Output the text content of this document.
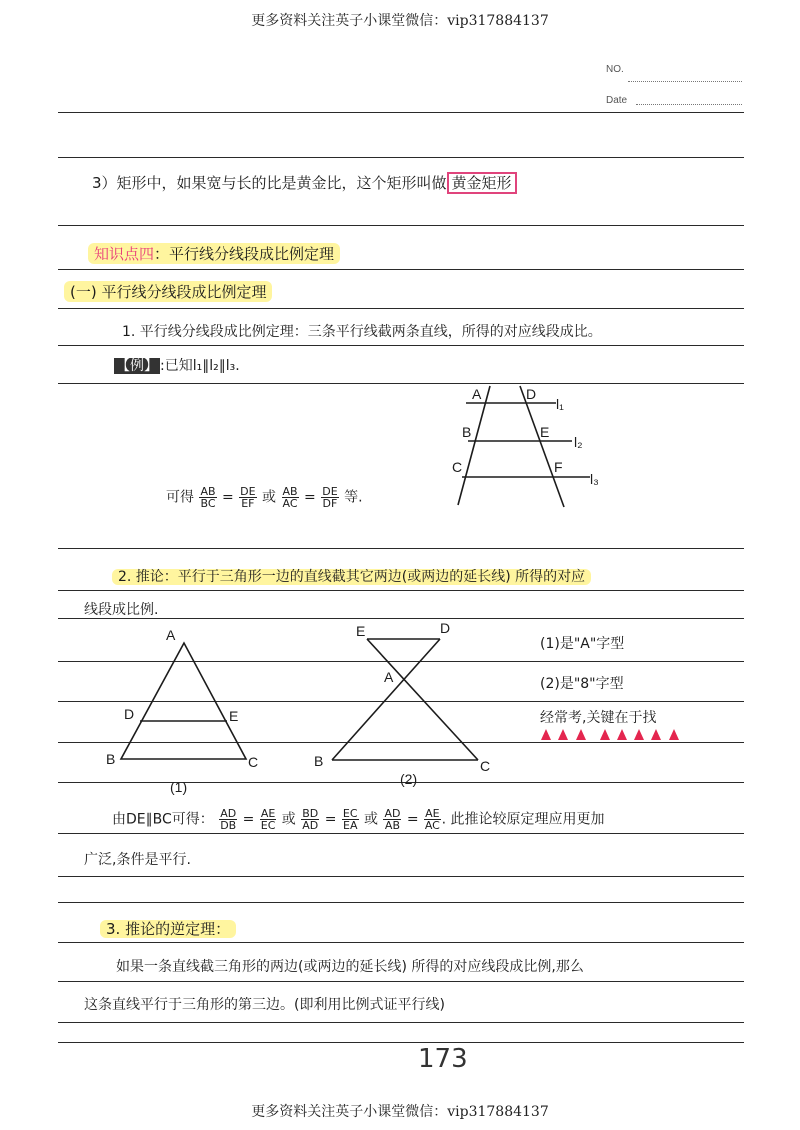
更多资料关注英子小课堂微信：vip317884137
更多资料关注英子小课堂微信：vip317884137
NO.
Date
3）矩形中，如果宽与长的比是黄金比，这个矩形叫做 黄金矩形
知识点四：平行线分线段成比例定理
(一) 平行线分线段成比例定理
1. 平行线分线段成比例定理：三条平行线截两条直线，所得的对应线段成比。
【例】 :已知l₁∥l₂∥l₃.
可得 $\frac{AB}{BC} = \frac{DE}{EF}$ 或 $\frac{AB}{AC} = \frac{DE}{DF}$ 等.
2. 推论：平行于三角形一边的直线截其它两边(或两边的延长线) 所得的对应
线段成比例.
(1)是"A"字型
(2)是"8"字型
经常考,关键在于找
由DE∥BC可得： $\frac{AD}{DB} = \frac{AE}{EC}$ 或 $\frac{BD}{AD} = \frac{EC}{EA}$ 或 $\frac{AD}{AB} = \frac{AE}{AC}$ . 此推论较原定理应用更加
广泛,条件是平行.
3. 推论的逆定理：
如果一条直线截三角形的两边(或两边的延长线) 所得的对应线段成比例,那么
这条直线平行于三角形的第三边。(即利用比例式证平行线)
173
A
B
C
D
E
F
l₁
l₂
l₃
A
D	E
B	C
(1)
E	D
A
B	C
(2)
